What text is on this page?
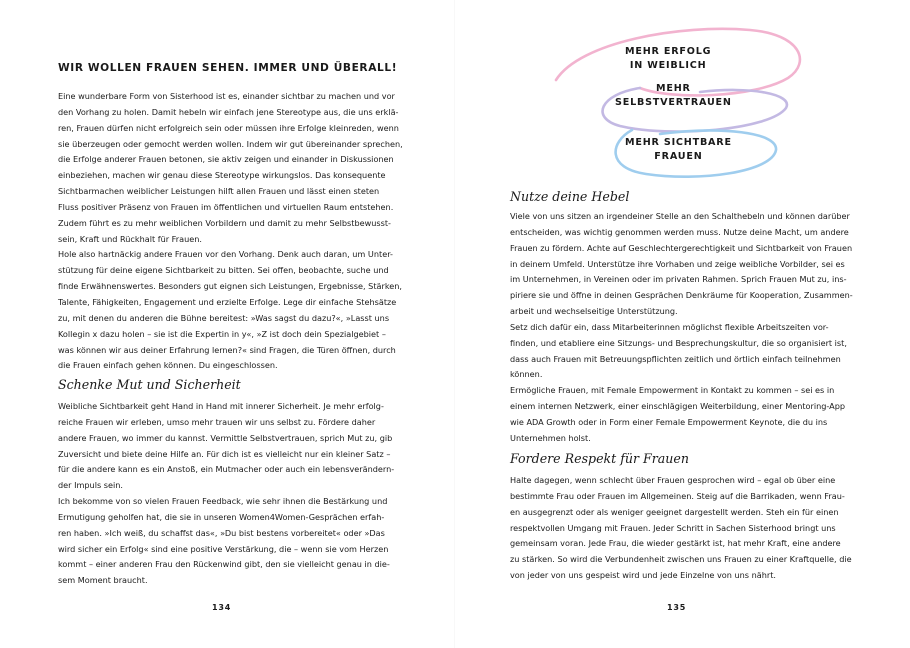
WIR WOLLEN FRAUEN SEHEN. IMMER UND ÜBERALL!

Eine wunderbare Form von Sisterhood ist es, einander sichtbar zu machen und vor

den Vorhang zu holen. Damit hebeln wir einfach jene Stereotype aus, die uns erklä-

ren, Frauen dürfen nicht erfolgreich sein oder müssen ihre Erfolge kleinreden, wenn

sie überzeugen oder gemocht werden wollen. Indem wir gut übereinander sprechen,

die Erfolge anderer Frauen betonen, sie aktiv zeigen und einander in Diskussionen

einbeziehen, machen wir genau diese Stereotype wirkungslos. Das konsequente

Sichtbarmachen weiblicher Leistungen hilft allen Frauen und lässt einen steten

Fluss positiver Präsenz von Frauen im öffentlichen und virtuellen Raum entstehen.

Zudem führt es zu mehr weiblichen Vorbildern und damit zu mehr Selbstbewusst-

sein, Kraft und Rückhalt für Frauen.

Hole also hartnäckig andere Frauen vor den Vorhang. Denk auch daran, um Unter-

stützung für deine eigene Sichtbarkeit zu bitten. Sei offen, beobachte, suche und

finde Erwähnenswertes. Besonders gut eignen sich Leistungen, Ergebnisse, Stärken,

Talente, Fähigkeiten, Engagement und erzielte Erfolge. Lege dir einfache Stehsätze

zu, mit denen du anderen die Bühne bereitest: »Was sagst du dazu?«, »Lasst uns

Kollegin x dazu holen – sie ist die Expertin in y«, »Z ist doch dein Spezialgebiet –

was können wir aus deiner Erfahrung lernen?« sind Fragen, die Türen öffnen, durch

die Frauen einfach gehen können. Du eingeschlossen.

Schenke Mut und Sicherheit

Weibliche Sichtbarkeit geht Hand in Hand mit innerer Sicherheit. Je mehr erfolg-

reiche Frauen wir erleben, umso mehr trauen wir uns selbst zu. Fördere daher

andere Frauen, wo immer du kannst. Vermittle Selbstvertrauen, sprich Mut zu, gib

Zuversicht und biete deine Hilfe an. Für dich ist es vielleicht nur ein kleiner Satz –

für die andere kann es ein Anstoß, ein Mutmacher oder auch ein lebensverändern-

der Impuls sein.

Ich bekomme von so vielen Frauen Feedback, wie sehr ihnen die Bestärkung und

Ermutigung geholfen hat, die sie in unseren Women4Women-Gesprächen erfah-

ren haben. »Ich weiß, du schaffst das«, »Du bist bestens vorbereitet« oder »Das

wird sicher ein Erfolg« sind eine positive Verstärkung, die – wenn sie vom Herzen

kommt – einer anderen Frau den Rückenwind gibt, den sie vielleicht genau in die-

sem Moment braucht.

134
MEHR ERFOLG
IN WEIBLICH
MEHR
SELBSTVERTRAUEN
MEHR SICHTBARE
FRAUEN
Nutze deine Hebel

Viele von uns sitzen an irgendeiner Stelle an den Schalthebeln und können darüber

entscheiden, was wichtig genommen werden muss. Nutze deine Macht, um andere

Frauen zu fördern. Achte auf Geschlechtergerechtigkeit und Sichtbarkeit von Frauen

in deinem Umfeld. Unterstütze ihre Vorhaben und zeige weibliche Vorbilder, sei es

im Unternehmen, in Vereinen oder im privaten Rahmen. Sprich Frauen Mut zu, ins-

piriere sie und öffne in deinen Gesprächen Denkräume für Kooperation, Zusammen-

arbeit und wechselseitige Unterstützung.

Setz dich dafür ein, dass Mitarbeiterinnen möglichst flexible Arbeitszeiten vor-

finden, und etabliere eine Sitzungs- und Besprechungskultur, die so organisiert ist,

dass auch Frauen mit Betreuungspflichten zeitlich und örtlich einfach teilnehmen

können.

Ermögliche Frauen, mit Female Empowerment in Kontakt zu kommen – sei es in

einem internen Netzwerk, einer einschlägigen Weiterbildung, einer Mentoring-App

wie ADA Growth oder in Form einer Female Empowerment Keynote, die du ins

Unternehmen holst.

Fordere Respekt für Frauen

Halte dagegen, wenn schlecht über Frauen gesprochen wird – egal ob über eine

bestimmte Frau oder Frauen im Allgemeinen. Steig auf die Barrikaden, wenn Frau-

en ausgegrenzt oder als weniger geeignet dargestellt werden. Steh ein für einen

respektvollen Umgang mit Frauen. Jeder Schritt in Sachen Sisterhood bringt uns

gemeinsam voran. Jede Frau, die wieder gestärkt ist, hat mehr Kraft, eine andere

zu stärken. So wird die Verbundenheit zwischen uns Frauen zu einer Kraftquelle, die

von jeder von uns gespeist wird und jede Einzelne von uns nährt.

135
